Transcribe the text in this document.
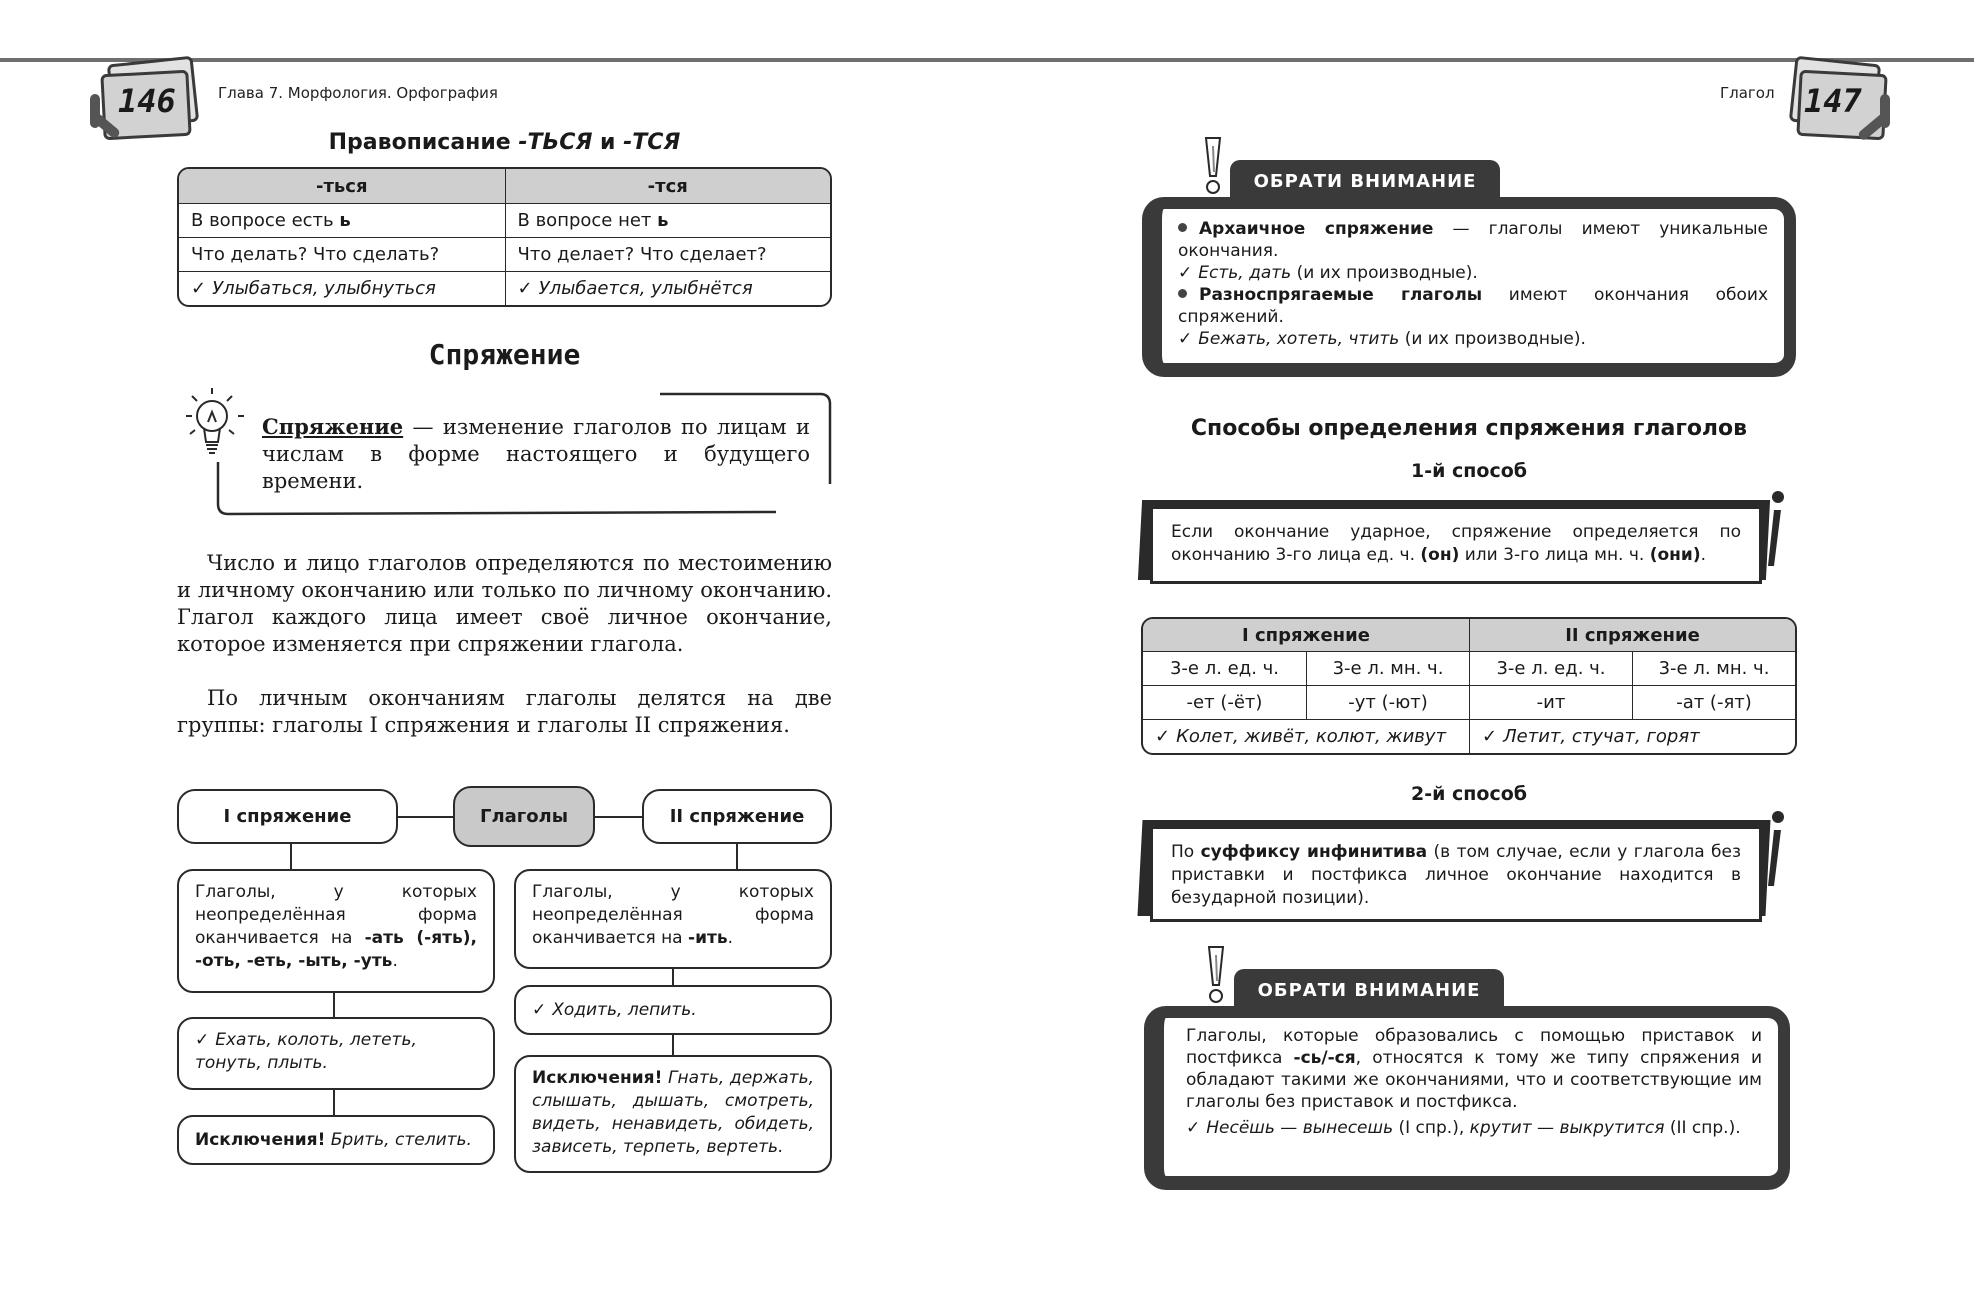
146	Глава 7. Морфология. Орфография	147
Глагол
Правописание -ТЬСЯ и -ТСЯ
-ться	-тся
В вопросе есть ь	В вопросе нет ь
Что делать? Что сделать?	Что делает? Что сделает?
✓ Улыбаться, улыбнуться	✓ Улыбается, улыбнётся
Спряжение
Спряжение — изменение глаголов по лицам и числам в форме настоящего и будущего времени.
Число и лицо глаголов определяются по местоимению и личному окончанию или только по личному окончанию. Глагол каждого лица имеет своё личное окончание, которое изменяется при спряжении глагола.
По личным окончаниям глаголы делятся на две группы: глаголы I спряжения и глаголы II спряжения.
I спряжение	Глаголы	II спряжение
Глаголы, у которых неопределённая форма оканчивается на -ать (-ять), -оть, -еть, -ыть, -уть.
✓ Ехать, колоть, лететь, тонуть, плыть.
Исключения! Брить, стелить.
Глаголы, у которых неопределённая форма оканчивается на -ить.
✓ Ходить, лепить.
Исключения! Гнать, держать, слышать, дышать, смотреть, видеть, ненавидеть, обидеть, зависеть, терпеть, вертеть.
ОБРАТИ ВНИМАНИЕ
Архаичное спряжение — глаголы имеют уникальные окончания.
✓ Есть, дать (и их производные).
Разноспрягаемые глаголы имеют окончания обоих спряжений.
✓ Бежать, хотеть, чтить (и их производные).
Способы определения спряжения глаголов
1-й способ
Если окончание ударное, спряжение определяется по окончанию 3-го лица ед. ч. (он) или 3-го лица мн. ч. (они).
I спряжение		II спряжение	
3-е л. ед. ч.	3-е л. мн. ч.	3-е л. ед. ч.	3-е л. мн. ч.
-ет (-ёт)	-ут (-ют)	-ит	-ат (-ят)
✓ Колет, живёт, колют, живут		✓ Летит, стучат, горят	
2-й способ
По суффиксу инфинитива (в том случае, если у глагола без приставки и постфикса личное окончание находится в безударной позиции).
ОБРАТИ ВНИМАНИЕ
Глаголы, которые образовались с помощью приставок и постфикса -сь/-ся, относятся к тому же типу спряжения и обладают такими же окончаниями, что и соответствующие им глаголы без приставок и постфикса.
✓ Несёшь — вынесешь (I спр.), крутит — выкрутится (II спр.).
